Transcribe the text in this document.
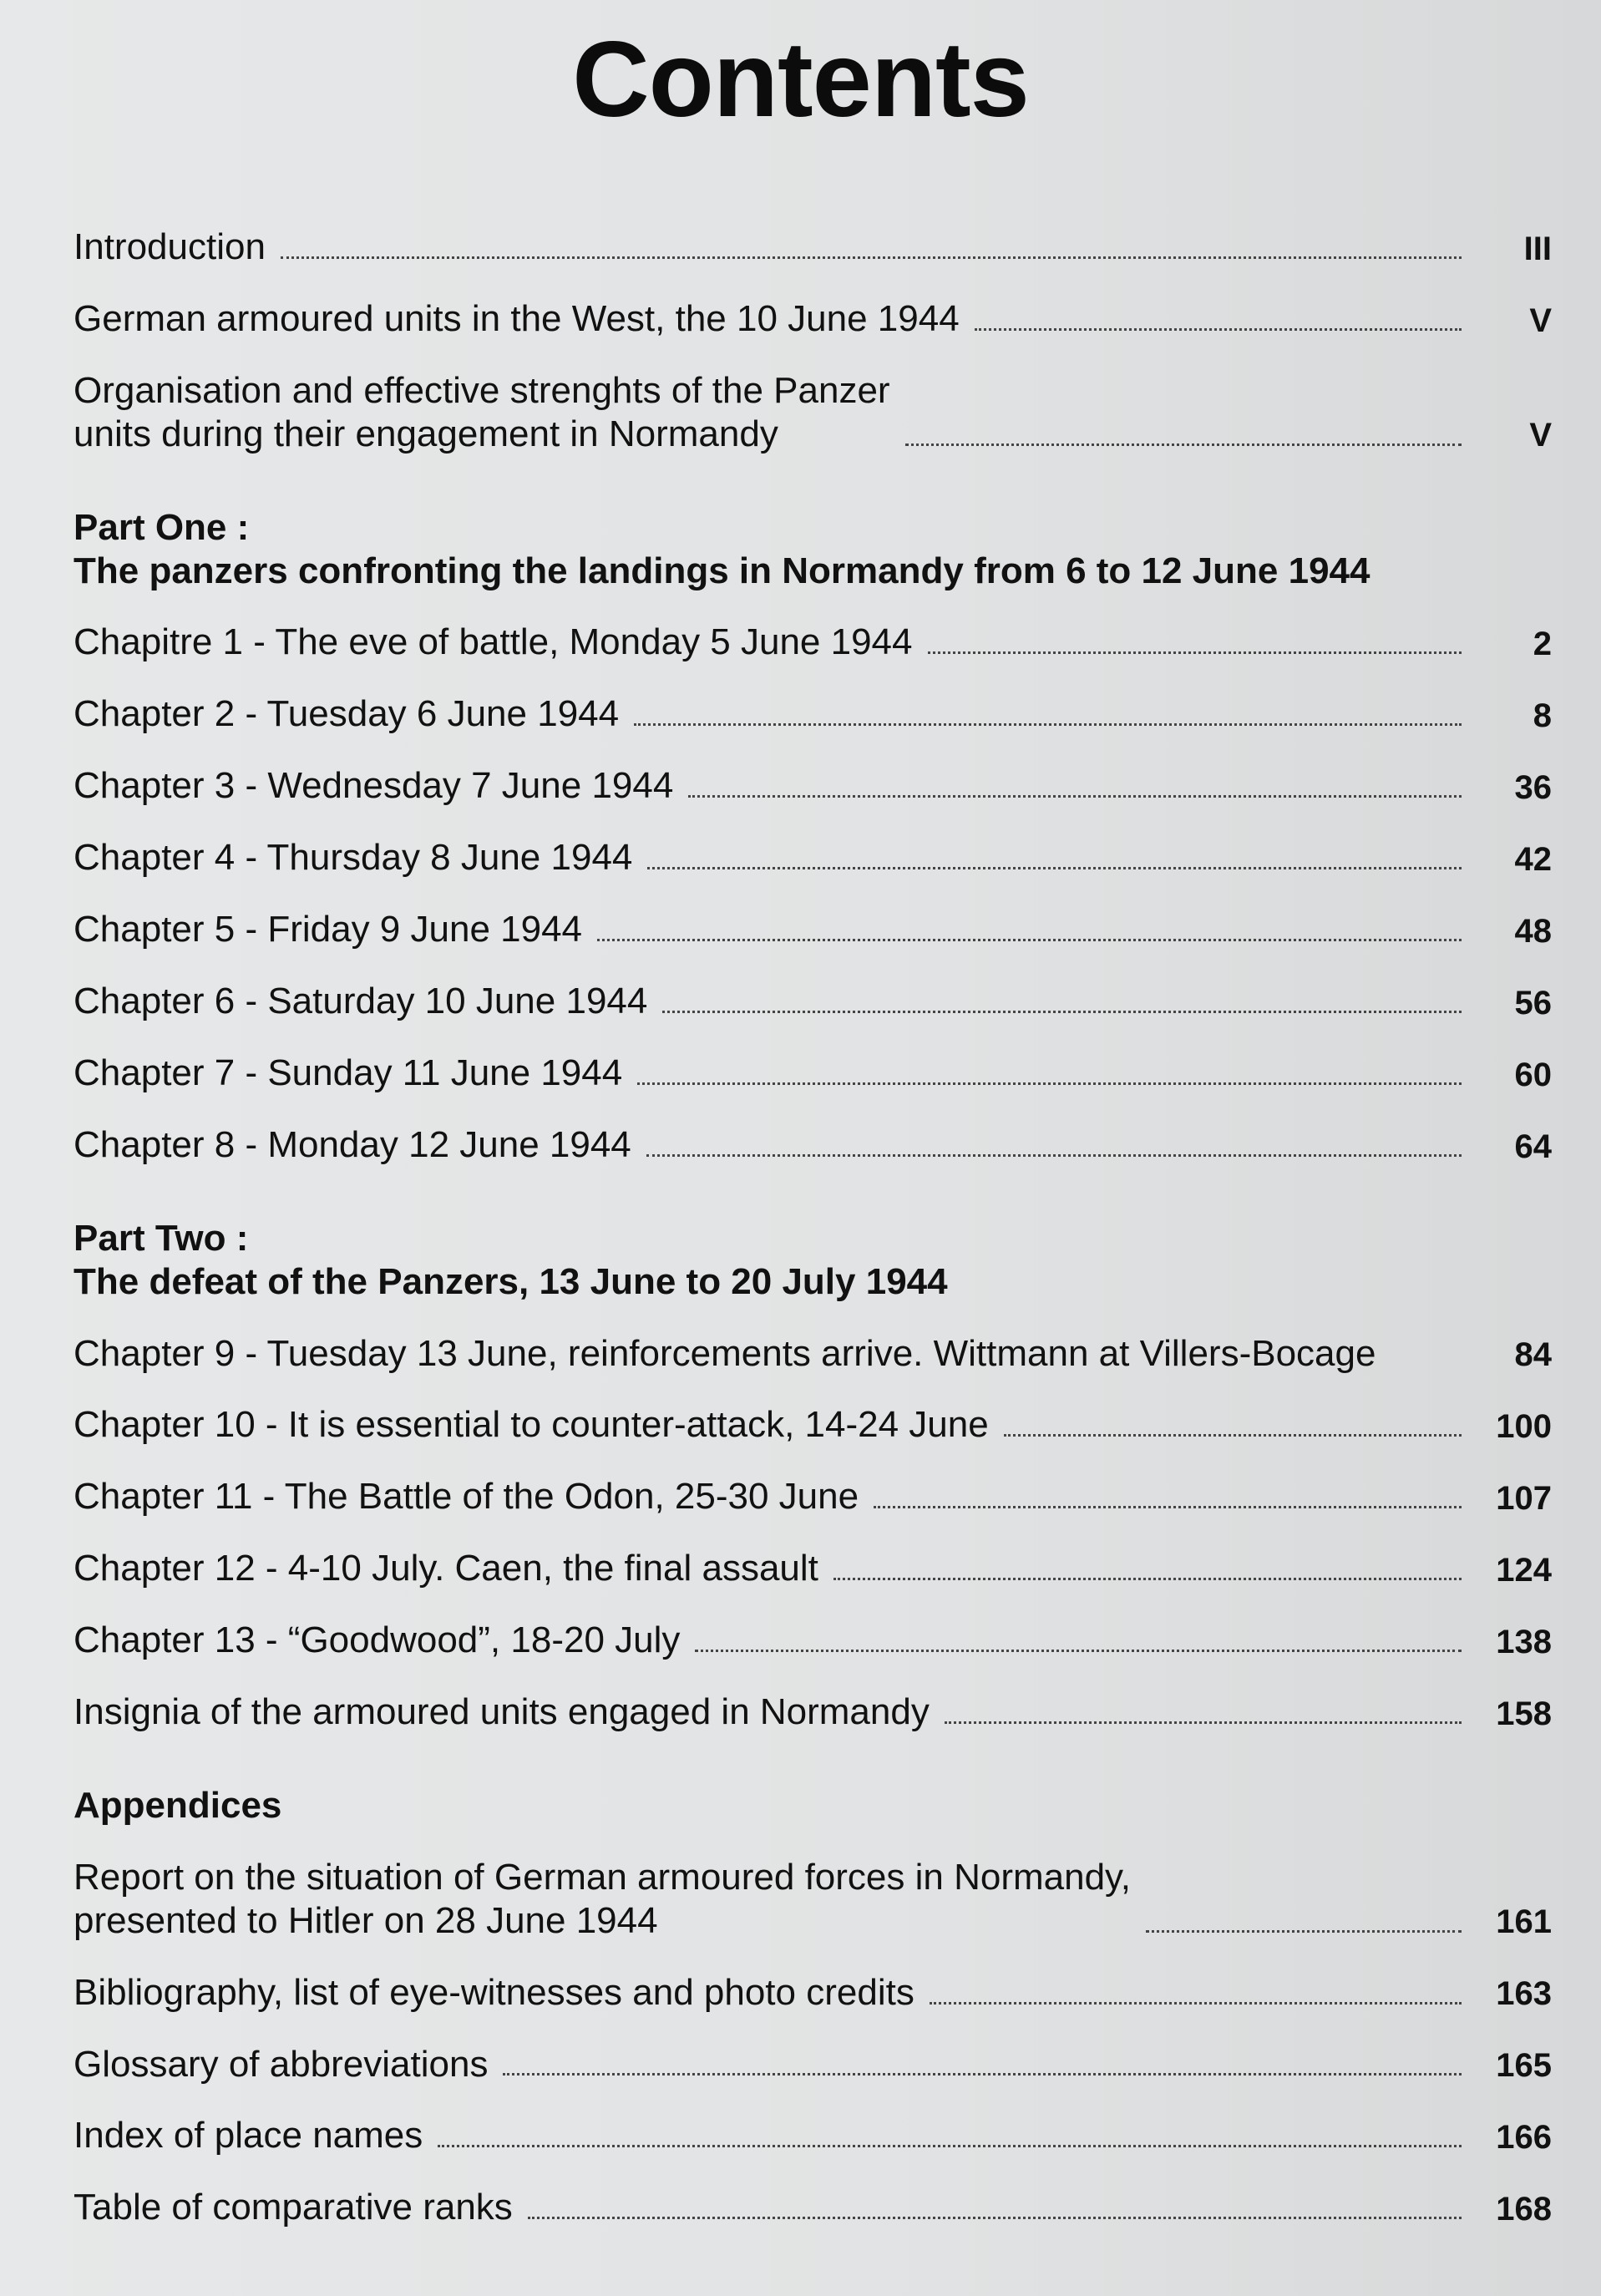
Contents
Introduction	III
German armoured units in the West, the 10 June 1944	V
Organisation and effective strenghts of the Panzer
units during their engagement in Normandy	V
Part One :
The panzers confronting the landings in Normandy from 6 to 12 June 1944
Chapitre 1 - The eve of battle, Monday 5 June 1944	2
Chapter 2 - Tuesday 6 June 1944	8
Chapter 3 - Wednesday 7 June 1944	36
Chapter 4 - Thursday 8 June 1944	42
Chapter 5 - Friday 9 June 1944	48
Chapter 6 - Saturday 10 June 1944	56
Chapter 7 - Sunday 11 June 1944	60
Chapter 8 - Monday 12 June 1944	64
Part Two :
The defeat of the Panzers, 13 June to 20 July 1944
Chapter 9 - Tuesday 13 June, reinforcements arrive. Wittmann at Villers-Bocage	84
Chapter 10 - It is essential to counter-attack, 14-24 June	100
Chapter 11 - The Battle of the Odon, 25-30 June	107
Chapter 12 - 4-10 July. Caen, the final assault	124
Chapter 13 - “Goodwood”, 18-20 July	138
Insignia of the armoured units engaged in Normandy	158
Appendices
Report on the situation of German armoured forces in Normandy,
presented to Hitler on 28 June 1944	161
Bibliography, list of eye-witnesses and photo credits	163
Glossary of abbreviations	165
Index of place names	166
Table of comparative ranks	168
